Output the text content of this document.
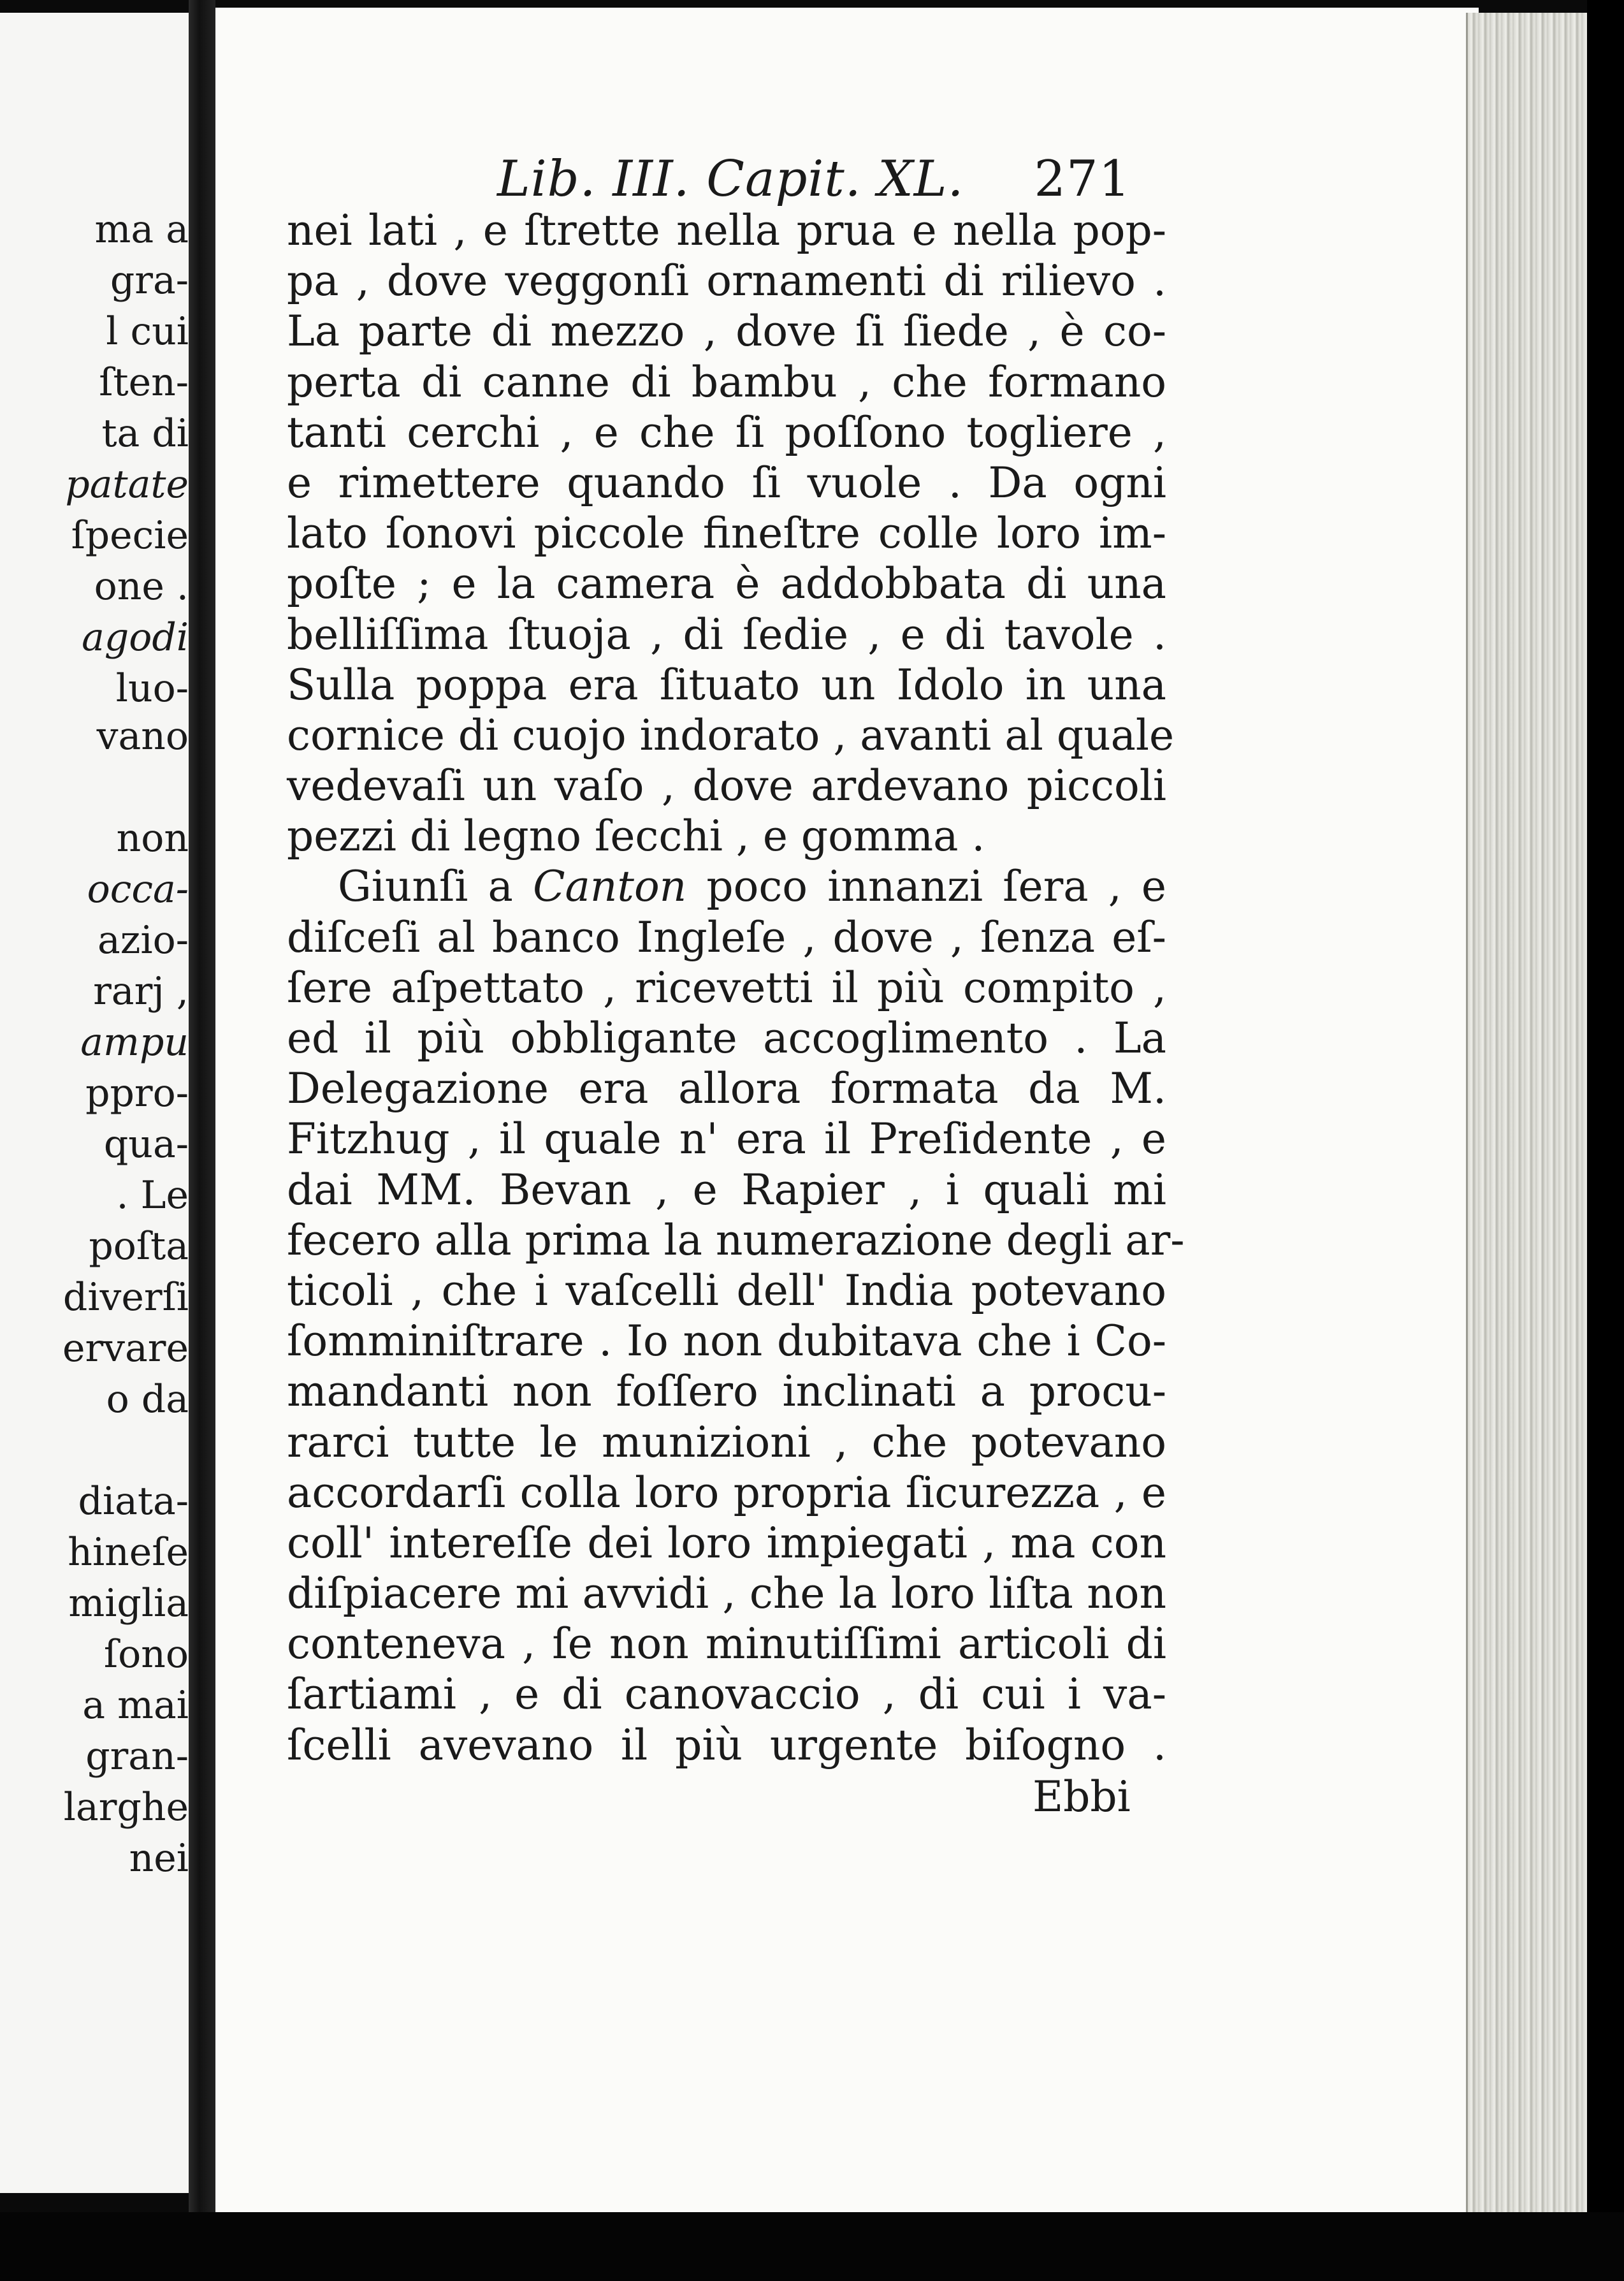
ma a
gra-
l cui
ſten-
ta di
patate
ſpecie
one .
agodi
luo-
vano
non
occa-
azio-
rarj ,
ampu
ppro-
qua-
. Le
poſta
diverſi
ervare
o da
diata-
hineſe
miglia
ſono
a mai
gran-
larghe
nei
Lib. III. Capit. XL. 271
nei lati , e ſtrette nella prua e nella pop-
pa , dove veggonſi ornamenti di rilievo .
La parte di mezzo , dove ſi ſiede , è co-
perta di canne di bambu , che formano
tanti cerchi , e che ſi poſſono togliere ,
e rimettere quando ſi vuole . Da ogni
lato ſonovi piccole fineſtre colle loro im-
poſte ; e la camera è addobbata di una
belliſſima ſtuoja , di ſedie , e di tavole .
Sulla poppa era ſituato un Idolo in una
cornice di cuojo indorato , avanti al quale
vedevaſi un vaſo , dove ardevano piccoli
pezzi di legno ſecchi , e gomma .
Giunſi a Canton poco innanzi ſera , e
diſceſi al banco Ingleſe , dove , ſenza eſ-
ſere aſpettato , ricevetti il più compito ,
ed il più obbligante accoglimento . La
Delegazione era allora formata da M.
Fitzhug , il quale n' era il Preſidente , e
dai MM. Bevan , e Rapier , i quali mi
fecero alla prima la numerazione degli ar-
ticoli , che i vaſcelli dell' India potevano
ſomminiſtrare . Io non dubitava che i Co-
mandanti non foſſero inclinati a procu-
rarci tutte le munizioni , che potevano
accordarſi colla loro propria ſicurezza , e
coll' intereſſe dei loro impiegati , ma con
diſpiacere mi avvidi , che la loro liſta non
conteneva , ſe non minutiſſimi articoli di
ſartiami , e di canovaccio , di cui i va-
ſcelli avevano il più urgente biſogno .
Ebbi
